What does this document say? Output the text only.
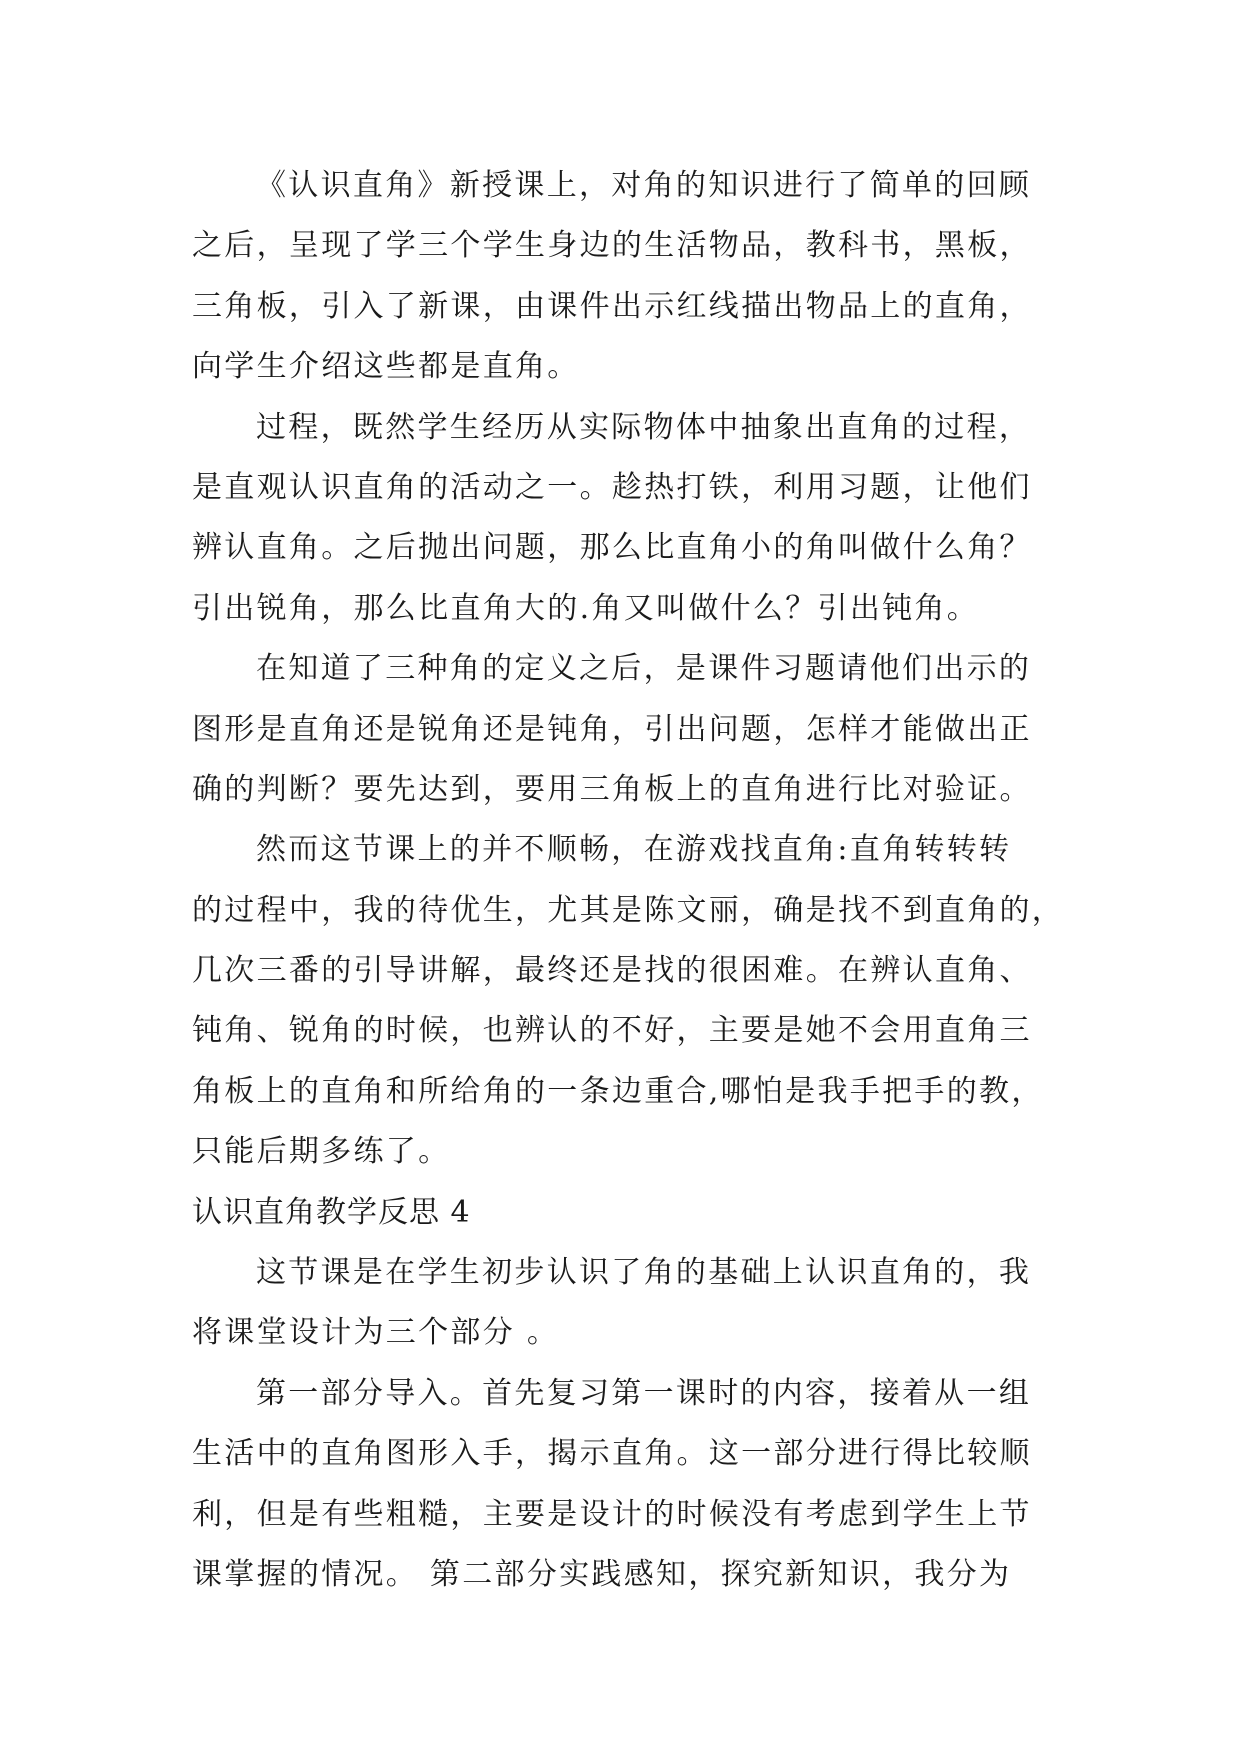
《认识直角》新授课上，对角的知识进行了简单的回顾
之后，呈现了学三个学生身边的生活物品，教科书，黑板，
三角板，引入了新课，由课件出示红线描出物品上的直角，
向学生介绍这些都是直角。
过程，既然学生经历从实际物体中抽象出直角的过程，
是直观认识直角的活动之一。趁热打铁，利用习题，让他们
辨认直角。之后抛出问题，那么比直角小的角叫做什么角？
引出锐角，那么比直角大的.角又叫做什么？引出钝角。
在知道了三种角的定义之后，是课件习题请他们出示的
图形是直角还是锐角还是钝角，引出问题，怎样才能做出正
确的判断？要先达到，要用三角板上的直角进行比对验证。
然而这节课上的并不顺畅，在游戏找直角:直角转转转
的过程中，我的待优生，尤其是陈文丽，确是找不到直角的，
几次三番的引导讲解，最终还是找的很困难。在辨认直角、
钝角、锐角的时候，也辨认的不好，主要是她不会用直角三
角板上的直角和所给角的一条边重合,哪怕是我手把手的教，
只能后期多练了。
认识直角教学反思 4
这节课是在学生初步认识了角的基础上认识直角的，我
将课堂设计为三个部分 。
第一部分导入。首先复习第一课时的内容，接着从一组
生活中的直角图形入手，揭示直角。这一部分进行得比较顺
利，但是有些粗糙，主要是设计的时候没有考虑到学生上节
课掌握的情况。 第二部分实践感知，探究新知识，我分为
